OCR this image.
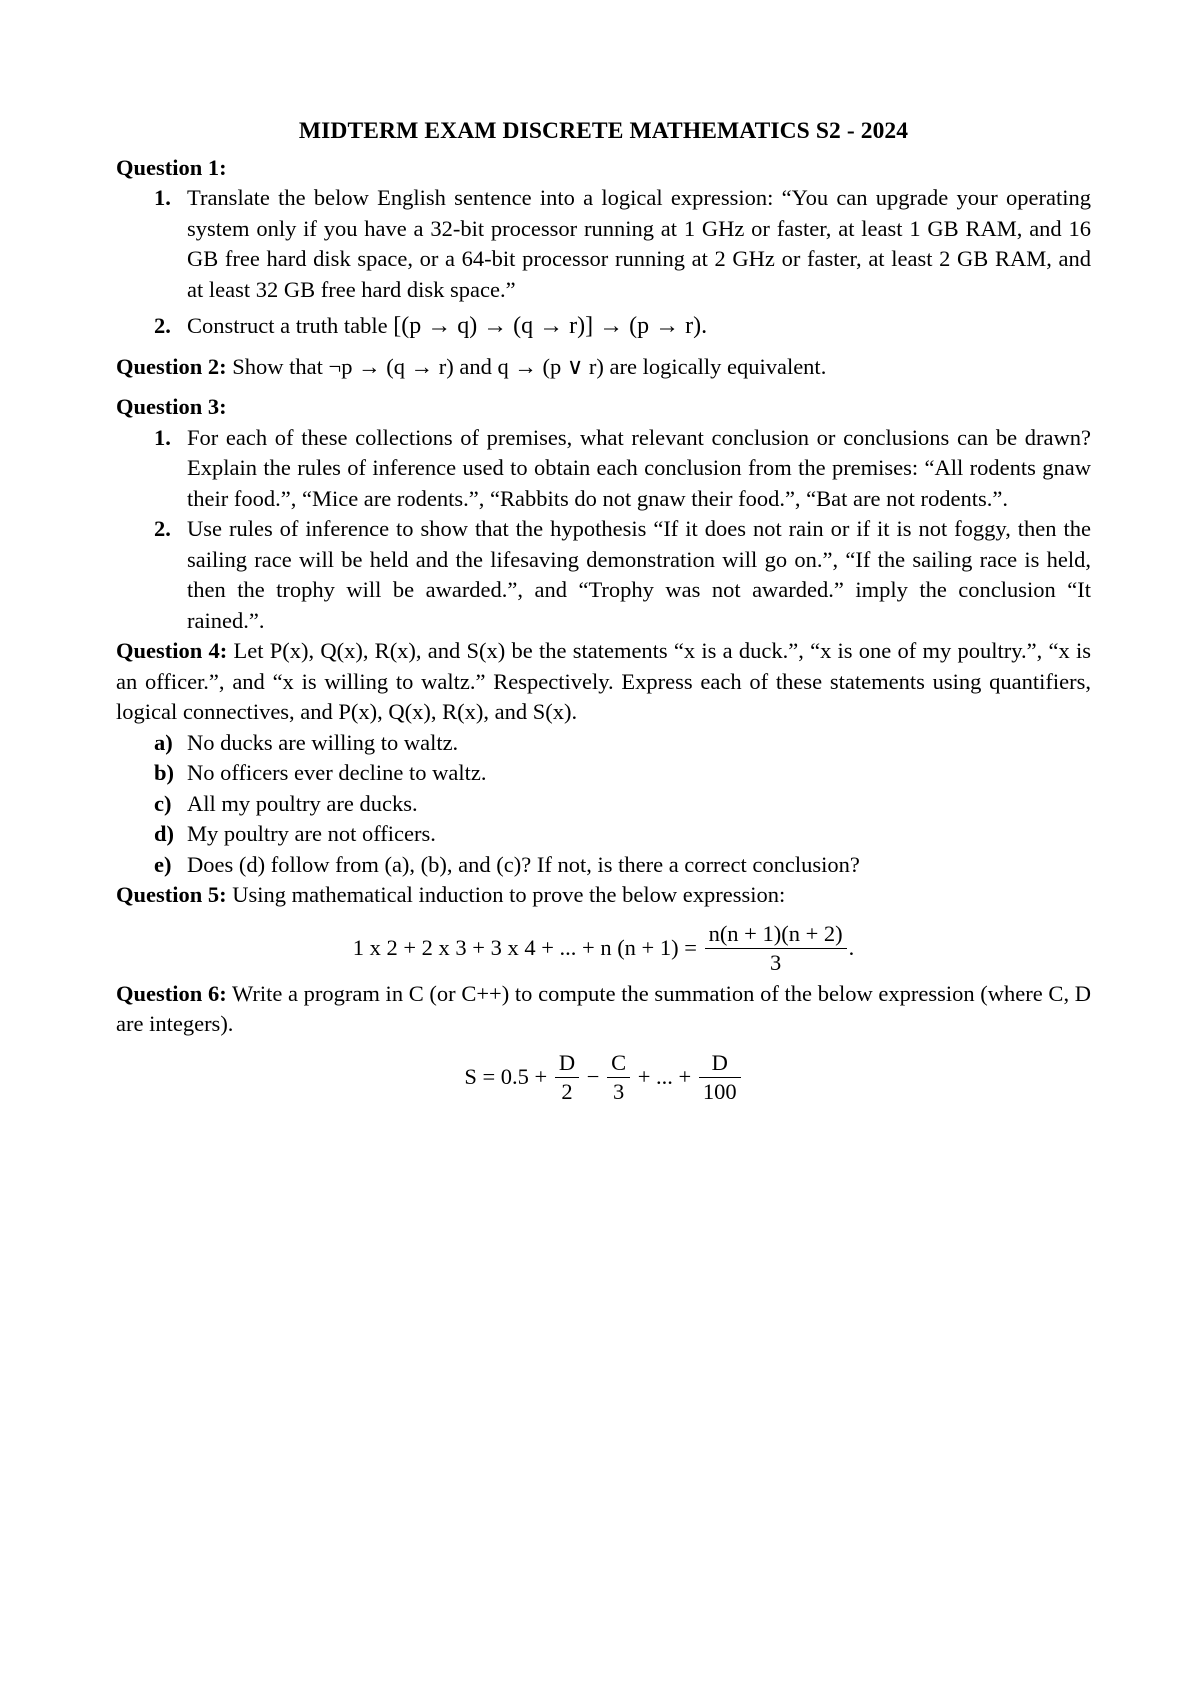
MIDTERM EXAM DISCRETE MATHEMATICS S2 - 2024
Question 1:
1. Translate the below English sentence into a logical expression: “You can upgrade your operating system only if you have a 32-bit processor running at 1 GHz or faster, at least 1 GB RAM, and 16 GB free hard disk space, or a 64-bit processor running at 2 GHz or faster, at least 2 GB RAM, and at least 32 GB free hard disk space.”
2. Construct a truth table [(p → q) → (q → r)] → (p → r).
Question 2: Show that ¬p → (q → r) and q → (p ∨ r) are logically equivalent.
Question 3:
1. For each of these collections of premises, what relevant conclusion or conclusions can be drawn? Explain the rules of inference used to obtain each conclusion from the premises: “All rodents gnaw their food.”, “Mice are rodents.”, “Rabbits do not gnaw their food.”, “Bat are not rodents.”.
2. Use rules of inference to show that the hypothesis “If it does not rain or if it is not foggy, then the sailing race will be held and the lifesaving demonstration will go on.”, “If the sailing race is held, then the trophy will be awarded.”, and “Trophy was not awarded.” imply the conclusion “It rained.”.
Question 4: Let P(x), Q(x), R(x), and S(x) be the statements “x is a duck.”, “x is one of my poultry.”, “x is an officer.”, and “x is willing to waltz.” Respectively. Express each of these statements using quantifiers, logical connectives, and P(x), Q(x), R(x), and S(x).
a) No ducks are willing to waltz.
b) No officers ever decline to waltz.
c) All my poultry are ducks.
d) My poultry are not officers.
e) Does (d) follow from (a), (b), and (c)? If not, is there a correct conclusion?
Question 5: Using mathematical induction to prove the below expression:
1 x 2 + 2 x 3 + 3 x 4 + ... + n $(n + 1) = \frac{n(n + 1)(n + 2)}{3}$ .
Question 6: Write a program in C (or C++) to compute the summation of the below expression (where C, D are integers).
$S = 0.5 + \frac{D}{2} - \frac{C}{3}$ + ... + $\frac{D}{100}$
